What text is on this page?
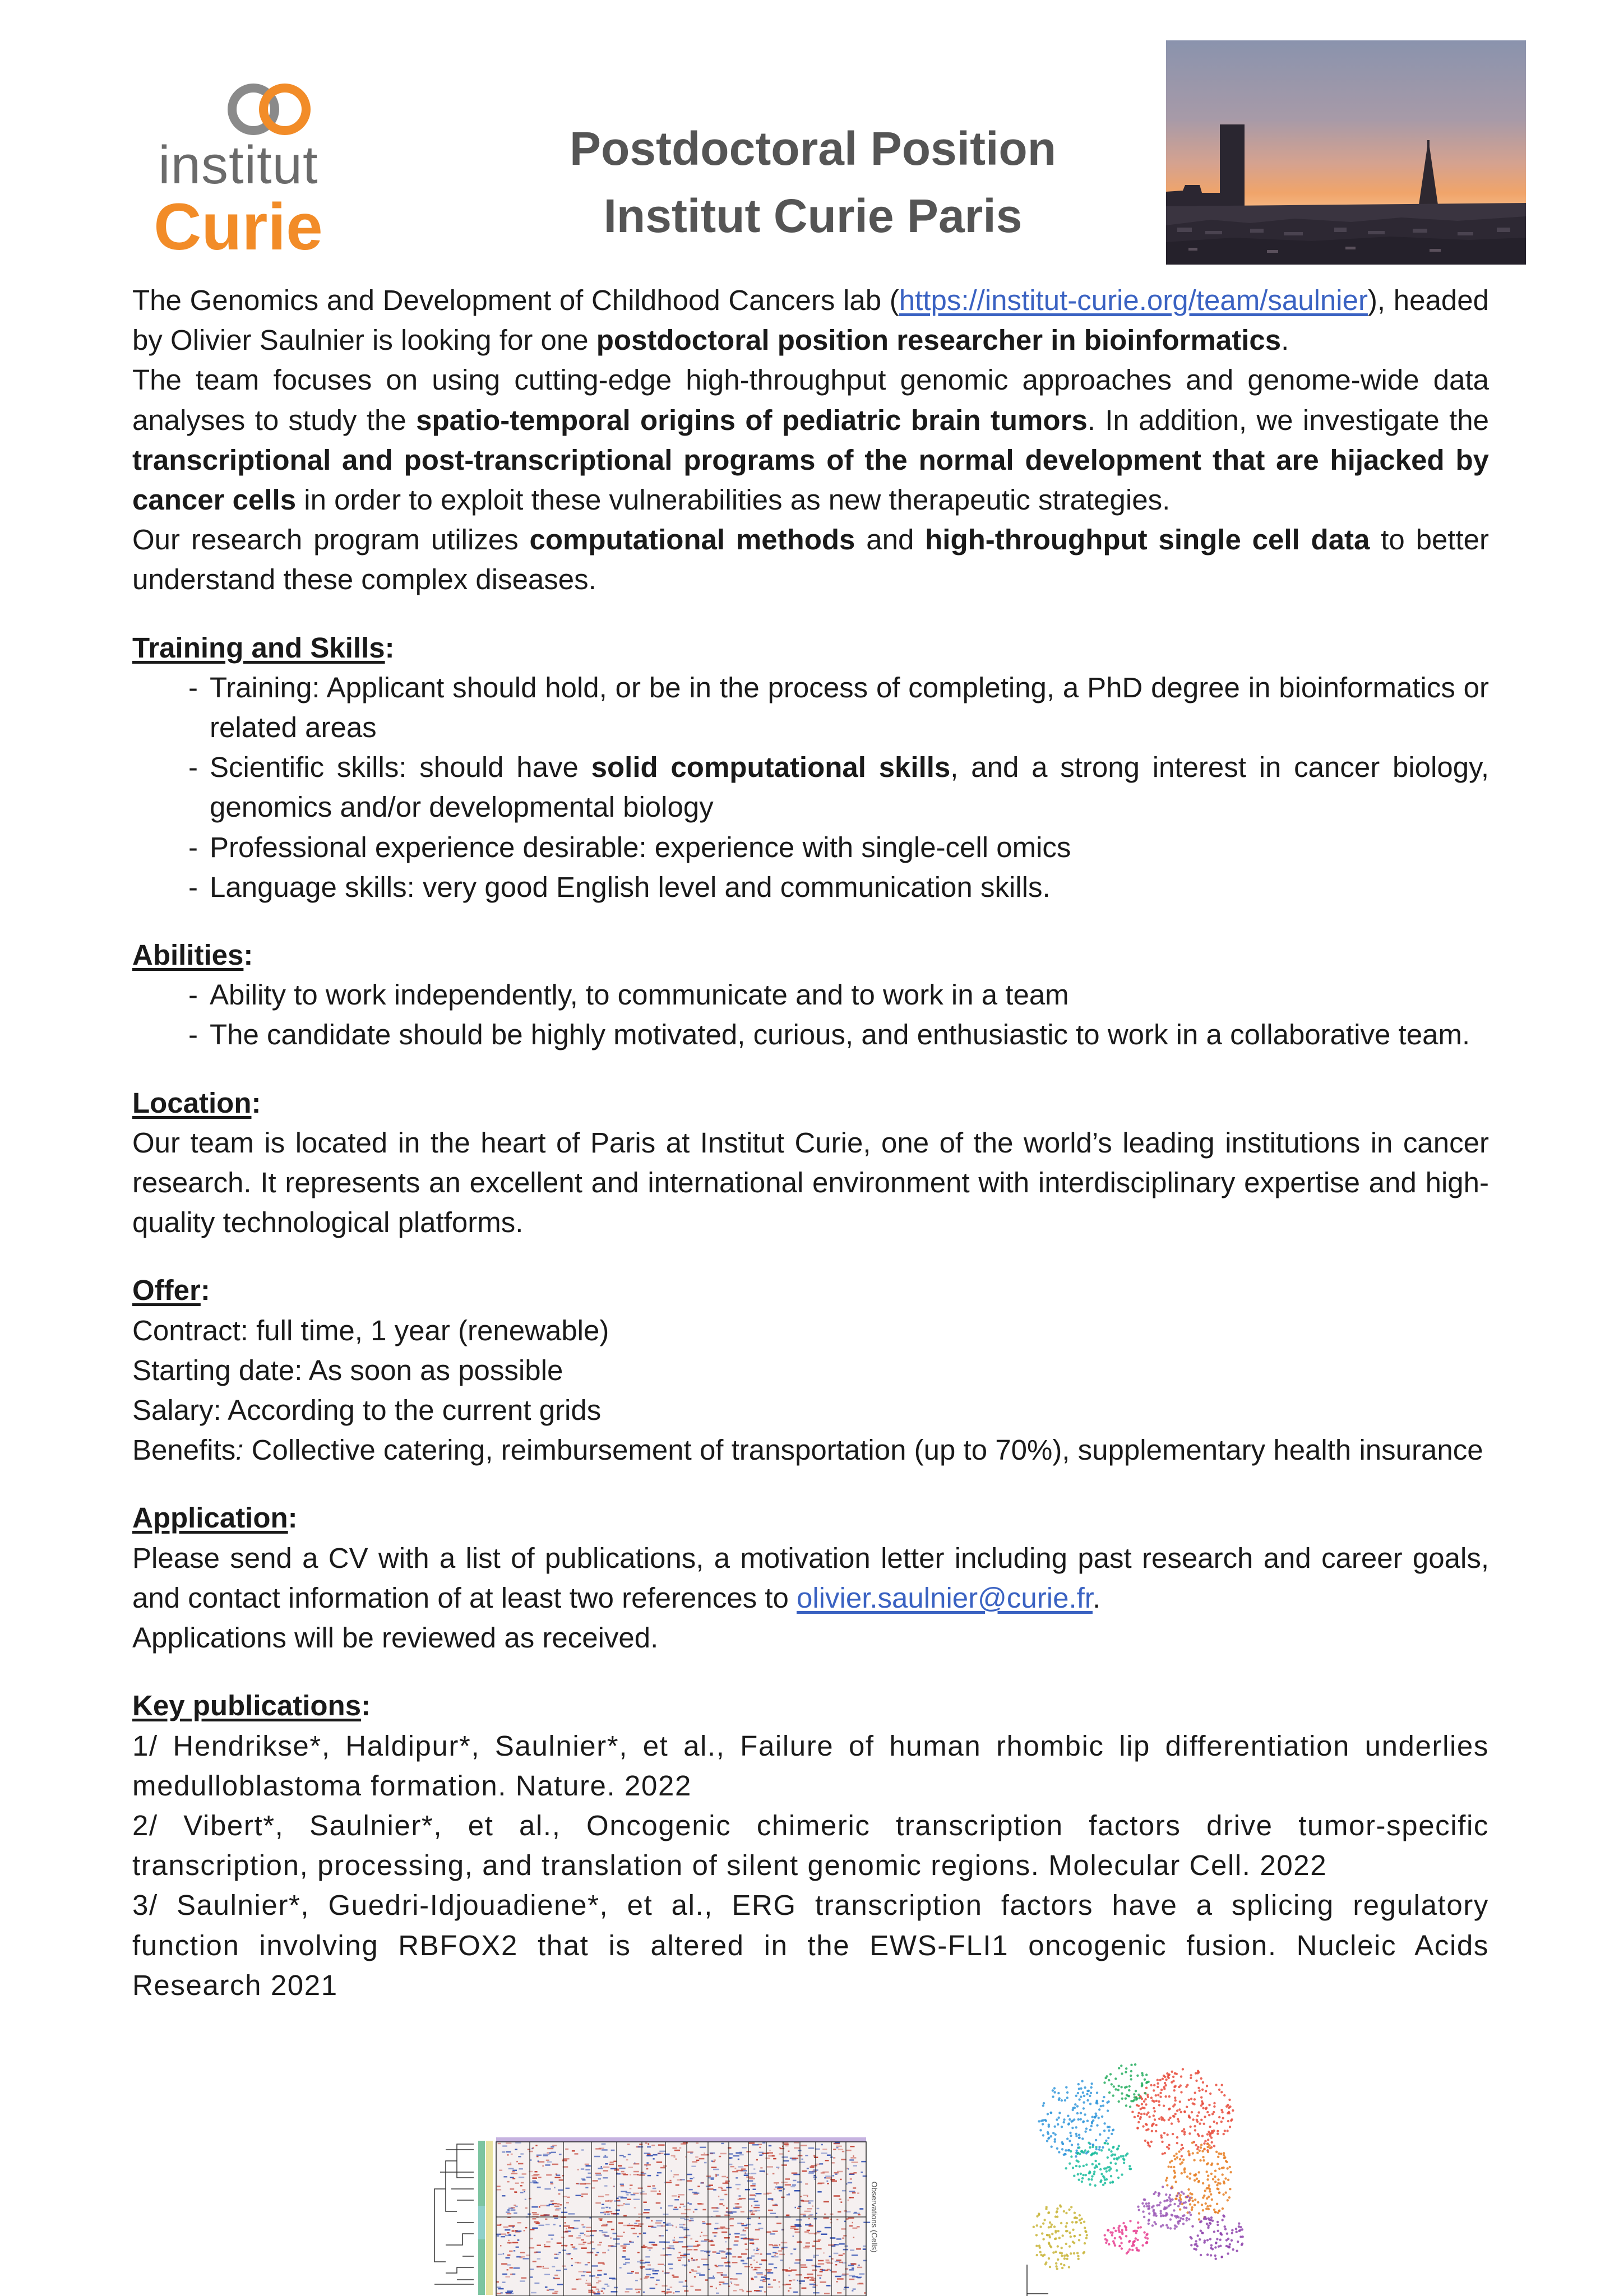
institut
Curie
Postdoctoral Position
Institut Curie Paris

The Genomics and Development of Childhood Cancers lab (https://institut-curie.org/team/saulnier), headed by Olivier Saulnier is looking for one postdoctoral position researcher in bioinformatics.

The team focuses on using cutting-edge high-throughput genomic approaches and genome-wide data analyses to study the spatio-temporal origins of pediatric brain tumors. In addition, we investigate the transcriptional and post-transcriptional programs of the normal development that are hijacked by cancer cells in order to exploit these vulnerabilities as new therapeutic strategies.

Our research program utilizes computational methods and high-throughput single cell data to better understand these complex diseases.

Training and Skills:

- Training: Applicant should hold, or be in the process of completing, a PhD degree in bioinformatics or related areas
- Scientific skills: should have solid computational skills, and a strong interest in cancer biology, genomics and/or developmental biology
- Professional experience desirable: experience with single-cell omics
- Language skills: very good English level and communication skills.

Abilities:

- Ability to work independently, to communicate and to work in a team
- The candidate should be highly motivated, curious, and enthusiastic to work in a collaborative team.

Location:

Our team is located in the heart of Paris at Institut Curie, one of the world’s leading institutions in cancer research. It represents an excellent and international environment with interdisciplinary expertise and high-quality technological platforms.

Offer:

Contract: full time, 1 year (renewable)

Starting date: As soon as possible

Salary: According to the current grids

Benefits: Collective catering, reimbursement of transportation (up to 70%), supplementary health insurance

Application:

Please send a CV with a list of publications, a motivation letter including past research and career goals, and contact information of at least two references to olivier.saulnier@curie.fr.

Applications will be reviewed as received.

Key publications:

1/ Hendrikse*, Haldipur*, Saulnier*, et al., Failure of human rhombic lip differentiation underlies medulloblastoma formation. Nature. 2022

2/ Vibert*, Saulnier*, et al., Oncogenic chimeric transcription factors drive tumor-specific transcription, processing, and translation of silent genomic regions. Molecular Cell. 2022

3/ Saulnier*, Guedri-Idjouadiene*, et al., ERG transcription factors have a splicing regulatory function involving RBFOX2 that is altered in the EWS-FLI1 oncogenic fusion. Nucleic Acids Research 2021

Observations (Cells)
